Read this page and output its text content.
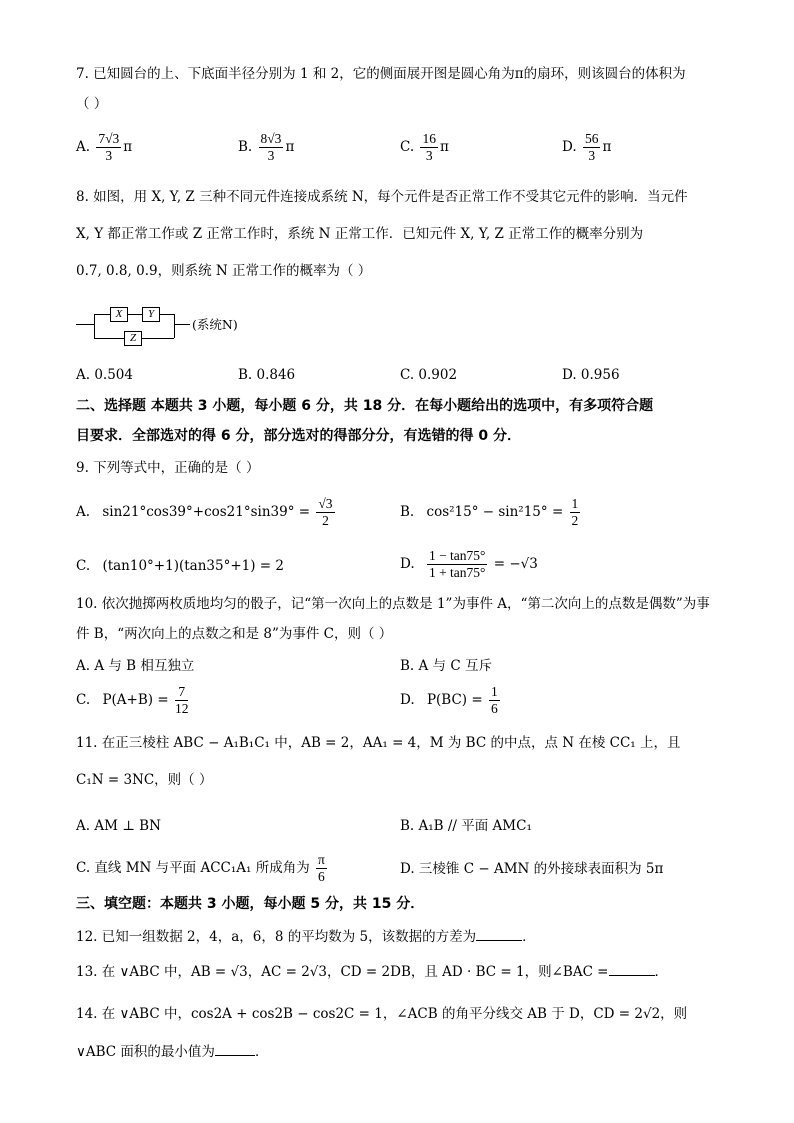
7. 已知圆台的上、下底面半径分别为 1 和 2，它的侧面展开图是圆心角为π的扇环，则该圆台的体积为
（ ）
A. $\frac{7√3}{3}$ π	B. $\frac{8√3}{3}$ π	C. $\frac{16}{3}$ π	D. $\frac{56}{3}$ π
8. 如图，用 X, Y, Z 三种不同元件连接成系统 N，每个元件是否正常工作不受其它元件的影响．当元件
X, Y 都正常工作或 Z 正常工作时，系统 N 正常工作．已知元件 X, Y, Z 正常工作的概率分别为
0.7, 0.8, 0.9，则系统 N 正常工作的概率为（ ）
X	Y
Z
(系统N)
A. 0.504	B. 0.846	C. 0.902	D. 0.956
二、选择题 本题共 3 小题，每小题 6 分，共 18 分．在每小题给出的选项中，有多项符合题
目要求．全部选对的得 6 分，部分选对的得部分分，有选错的得 0 分．
9. 下列等式中，正确的是（ ）
A. $\sin 21^\circ\cos 39^\circ+\cos 21^\circ\sin 39^\circ = \frac{√3}{2}$	B. $\cos^215^\circ - \sin^215^\circ = \frac{1}{2}$
C. (tan10°+1)(tan35°+1) = 2	D. $\frac{1 - \tan 75^\circ}{1 + \tan 75^\circ} = -√3$
10. 依次抛掷两枚质地均匀的骰子，记“第一次向上的点数是 1”为事件 A，“第二次向上的点数是偶数”为事
件 B，“两次向上的点数之和是 8”为事件 C，则（ ）
A. A 与 B 相互独立	B. A 与 C 互斥
C. $P(A+B) = \frac{7}{12}$	D. $P(BC) = \frac{1}{6}$
11. 在正三棱柱 ABC − A₁B₁C₁ 中，AB = 2，AA₁ = 4，M 为 BC 的中点，点 N 在棱 CC₁ 上，且
C₁N = 3NC，则（ ）
A. AM ⊥ BN	B. A₁B // 平面 AMC₁
C. 直线 MN 与平面 ACC₁A₁ 所成角为 $\frac{\pi}{6}$	D. 三棱锥 C − AMN 的外接球表面积为 5π
三、填空题：本题共 3 小题，每小题 5 分，共 15 分．
12. 已知一组数据 2，4，a，6，8 的平均数为 5，该数据的方差为	．
13. 在 ∨ABC 中，AB = √3，AC = 2√3，CD = 2DB，且 AD · BC = 1，则∠BAC =	．
14. 在 ∨ABC 中，cos2A + cos2B − cos2C = 1，∠ACB 的角平分线交 AB 于 D，CD = 2√2，则
∨ABC 面积的最小值为	．
